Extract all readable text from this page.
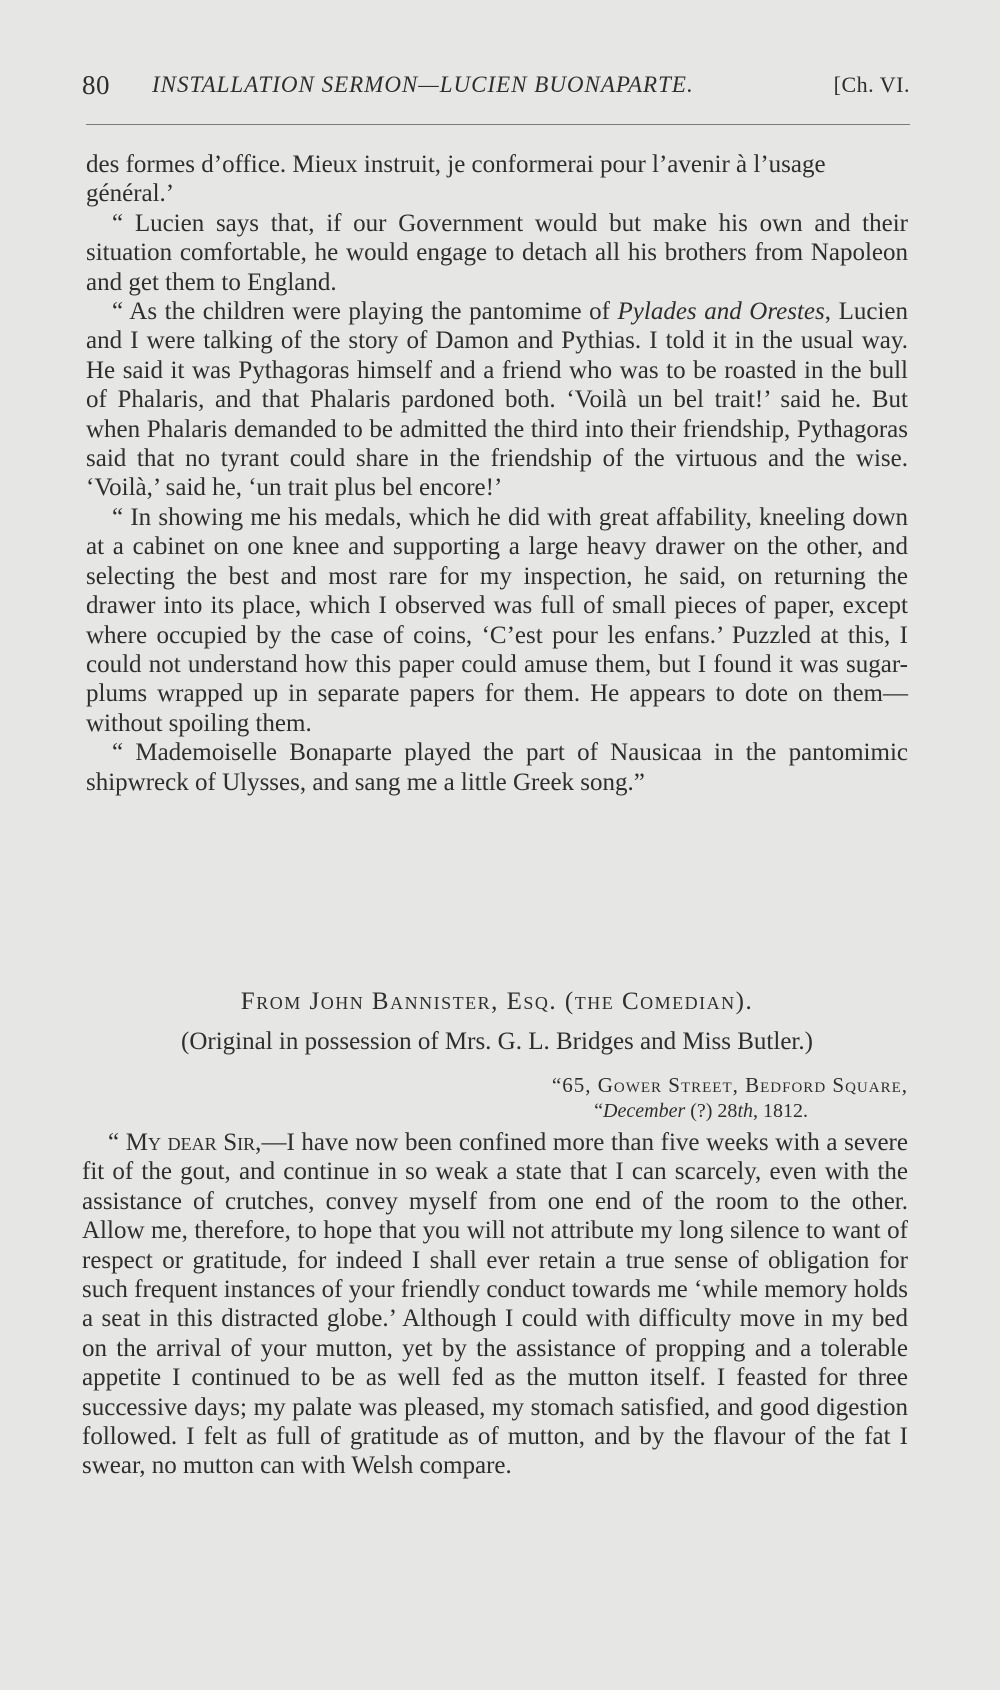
80 INSTALLATION SERMON—LUCIEN BUONAPARTE.	[Ch. VI.

des formes d’office. Mieux instruit, je conformerai pour l’avenir à l’usage général.’

“ Lucien says that, if our Government would but make his own and their situation comfortable, he would engage to detach all his brothers from Napoleon and get them to England.

“ As the children were playing the pantomime of Pylades and Orestes, Lucien and I were talking of the story of Damon and Pythias. I told it in the usual way. He said it was Pythagoras himself and a friend who was to be roasted in the bull of Phalaris, and that Phalaris pardoned both. ‘Voilà un bel trait!’ said he. But when Phalaris demanded to be admitted the third into their friendship, Pythagoras said that no tyrant could share in the friendship of the virtuous and the wise. ‘Voilà,’ said he, ‘un trait plus bel encore!’

“ In showing me his medals, which he did with great affability, kneeling down at a cabinet on one knee and supporting a large heavy drawer on the other, and selecting the best and most rare for my inspection, he said, on returning the drawer into its place, which I observed was full of small pieces of paper, except where occupied by the case of coins, ‘C’est pour les enfans.’ Puzzled at this, I could not understand how this paper could amuse them, but I found it was sugar-plums wrapped up in separate papers for them. He appears to dote on them—without spoiling them.

“ Mademoiselle Bonaparte played the part of Nausicaa in the pantomimic shipwreck of Ulysses, and sang me a little Greek song.”

From John Bannister, Esq. (the Comedian).
(Original in possession of Mrs. G. L. Bridges and Miss Butler.)
“65, Gower Street, Bedford Square,
“December (?) 28th, 1812.
“ My dear Sir,—I have now been confined more than five weeks with a severe fit of the gout, and continue in so weak a state that I can scarcely, even with the assistance of crutches, convey myself from one end of the room to the other. Allow me, therefore, to hope that you will not attribute my long silence to want of respect or gratitude, for indeed I shall ever retain a true sense of obligation for such frequent instances of your friendly conduct towards me ‘while memory holds a seat in this distracted globe.’ Although I could with difficulty move in my bed on the arrival of your mutton, yet by the assistance of propping and a tolerable appetite I continued to be as well fed as the mutton itself. I feasted for three successive days; my palate was pleased, my stomach satisfied, and good digestion followed. I felt as full of gratitude as of mutton, and by the flavour of the fat I swear, no mutton can with Welsh compare.
